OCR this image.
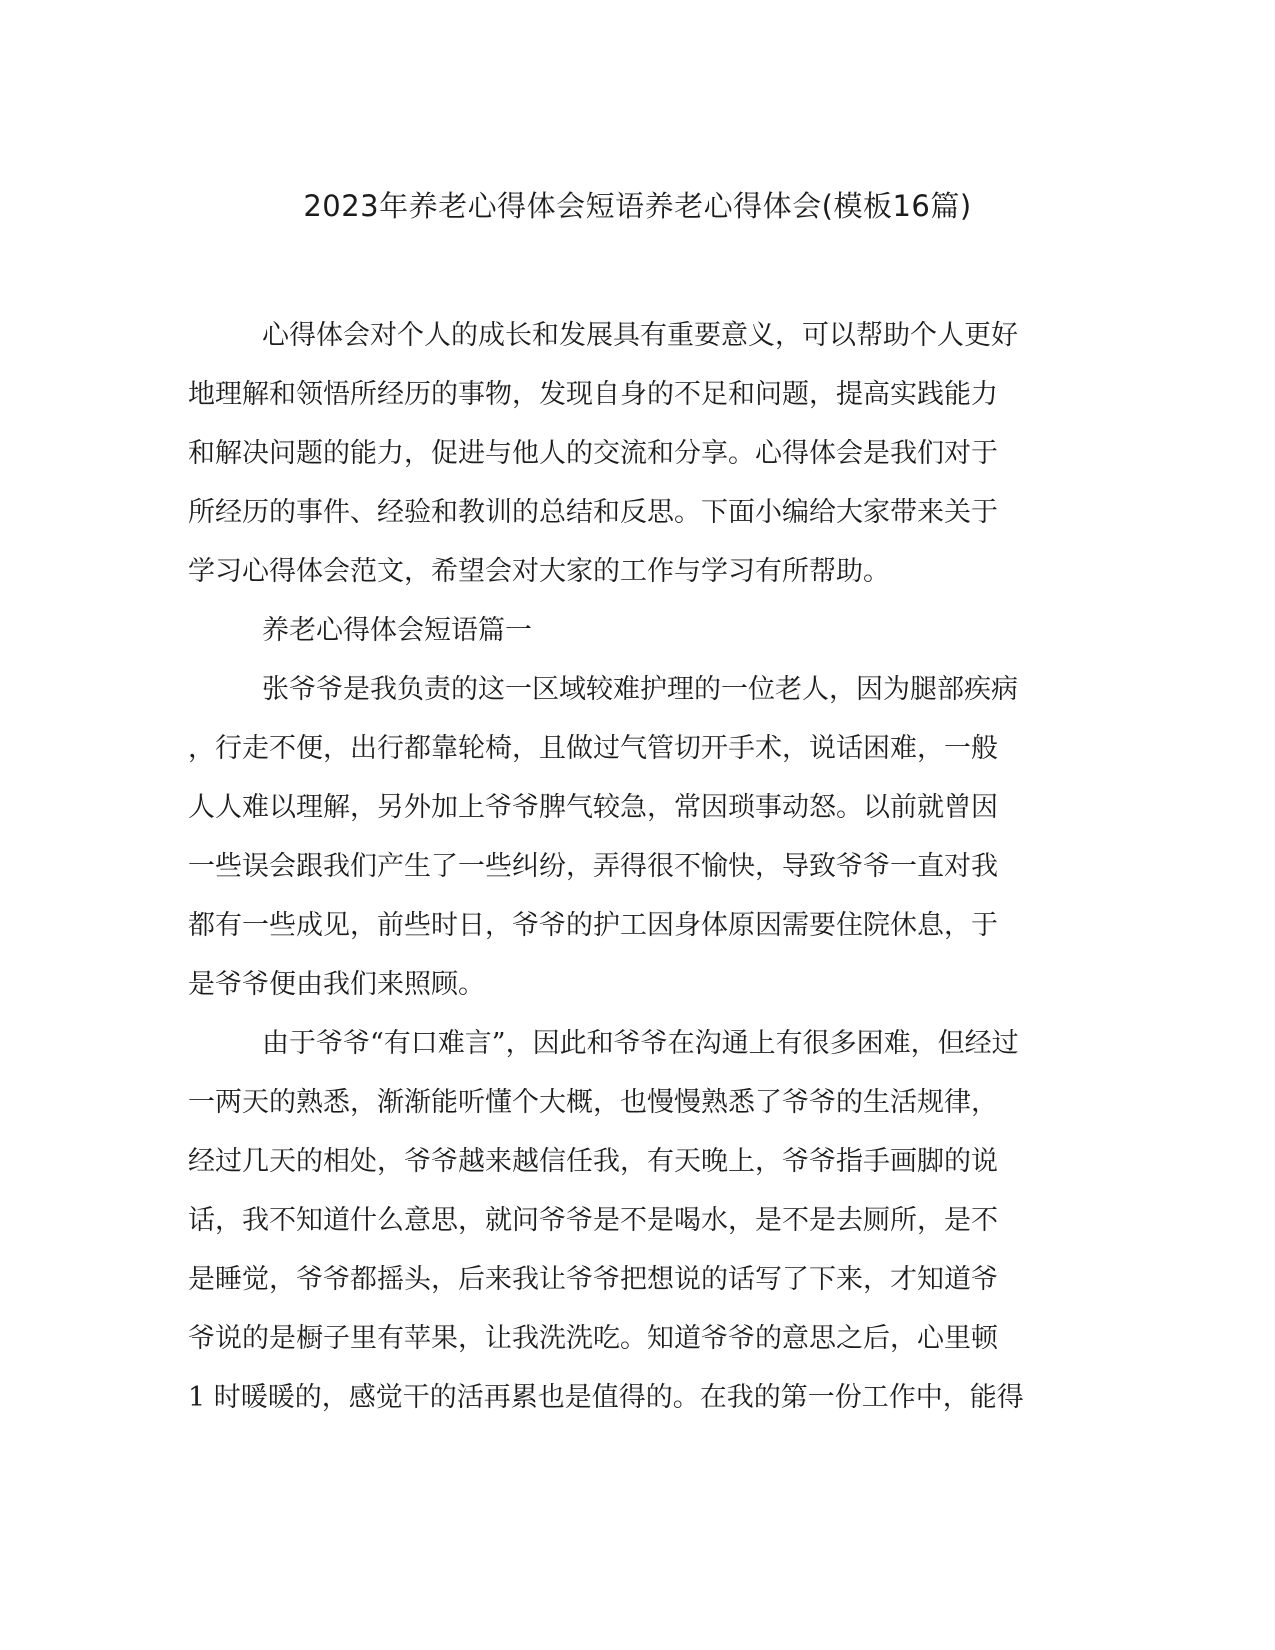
2023年养老心得体会短语养老心得体会(模板16篇)

心得体会对个人的成长和发展具有重要意义，可以帮助个人更好

地理解和领悟所经历的事物，发现自身的不足和问题，提高实践能力

和解决问题的能力，促进与他人的交流和分享。心得体会是我们对于

所经历的事件、经验和教训的总结和反思。下面小编给大家带来关于

学习心得体会范文，希望会对大家的工作与学习有所帮助。

养老心得体会短语篇一

张爷爷是我负责的这一区域较难护理的一位老人，因为腿部疾病

，行走不便，出行都靠轮椅，且做过气管切开手术，说话困难，一般

人人难以理解，另外加上爷爷脾气较急，常因琐事动怒。以前就曾因

一些误会跟我们产生了一些纠纷，弄得很不愉快，导致爷爷一直对我

都有一些成见，前些时日，爷爷的护工因身体原因需要住院休息，于

是爷爷便由我们来照顾。

由于爷爷“有口难言”，因此和爷爷在沟通上有很多困难，但经过

一两天的熟悉，渐渐能听懂个大概，也慢慢熟悉了爷爷的生活规律，

经过几天的相处，爷爷越来越信任我，有天晚上，爷爷指手画脚的说

话，我不知道什么意思，就问爷爷是不是喝水，是不是去厕所，是不

是睡觉，爷爷都摇头，后来我让爷爷把想说的话写了下来，才知道爷

爷说的是橱子里有苹果，让我洗洗吃。知道爷爷的意思之后，心里顿

1 时暖暖的，感觉干的活再累也是值得的。在我的第一份工作中，能得
